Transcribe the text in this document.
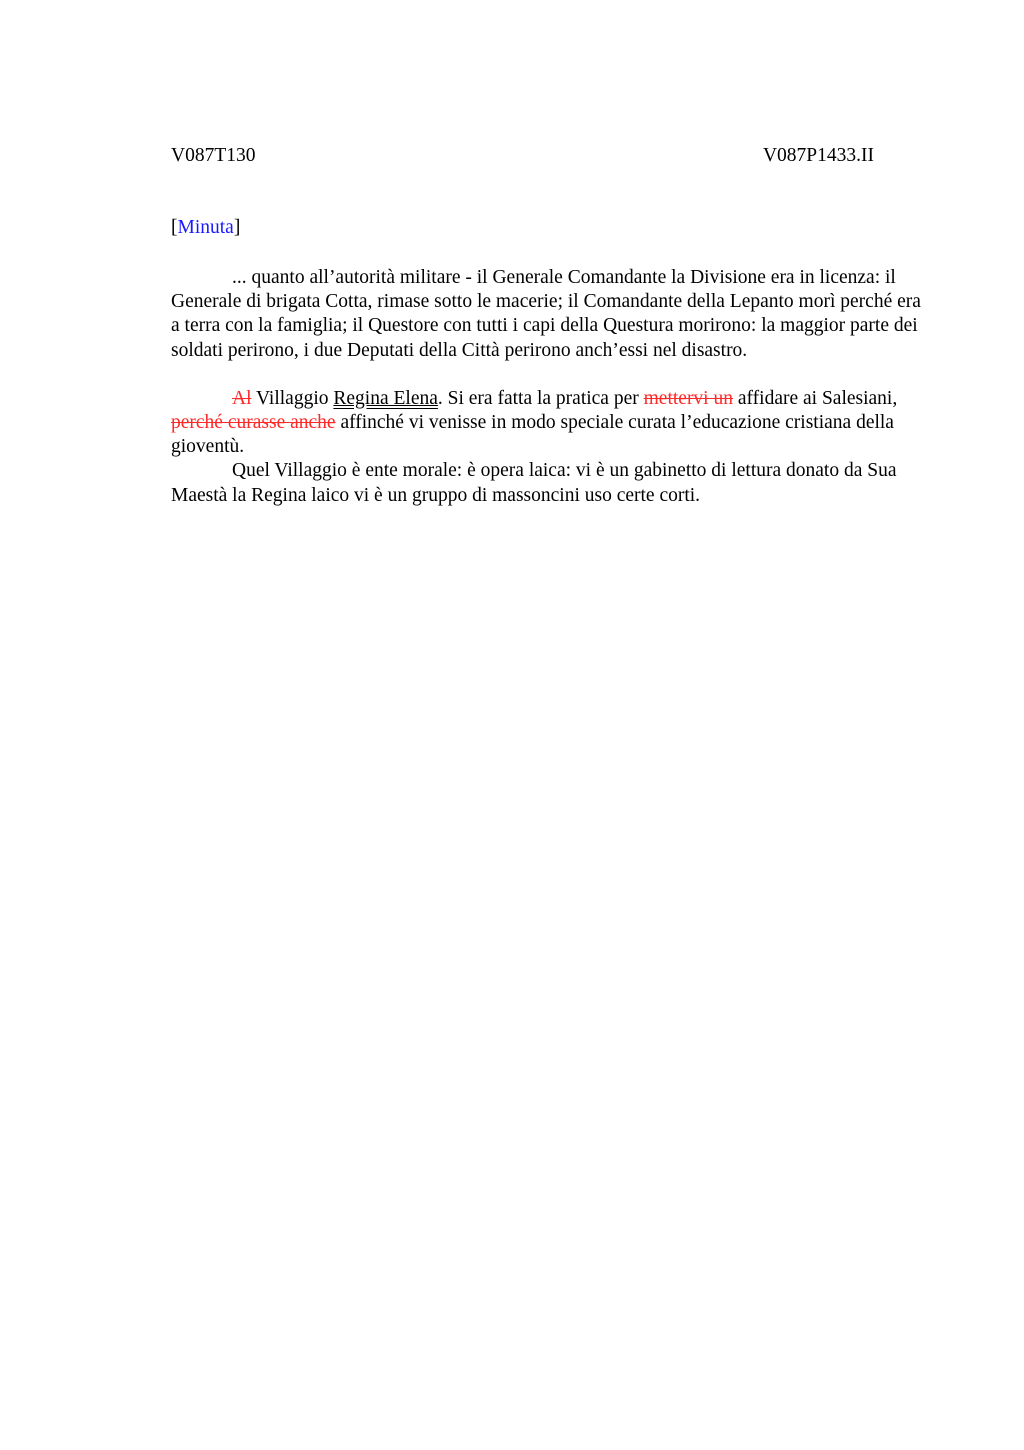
V087T130	V087P1433.II
[Minuta]

... quanto all’autorità militare - il Generale Comandante la Divisione era in licenza: il Generale di brigata Cotta, rimase sotto le macerie; il Comandante della Lepanto morì perché era a terra con la famiglia; il Questore con tutti i capi della Questura morirono: la maggior parte dei soldati perirono, i due Deputati della Città perirono anch’essi nel disastro.

Al Villaggio Regina Elena. Si era fatta la pratica per mettervi un affidare ai Salesiani, perché curasse anche affinché vi venisse in modo speciale curata l’educazione cristiana della gioventù.

Quel Villaggio è ente morale: è opera laica: vi è un gabinetto di lettura donato da Sua Maestà la Regina laico vi è un gruppo di massoncini uso certe corti.
